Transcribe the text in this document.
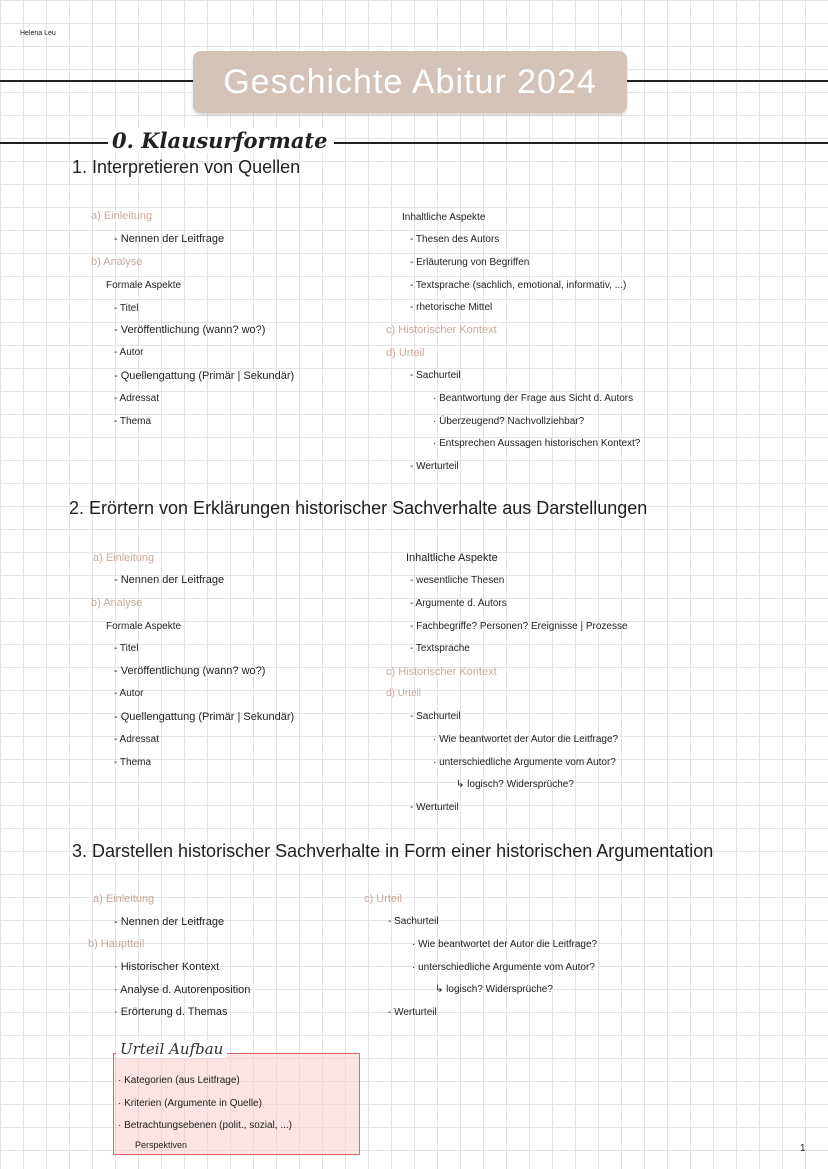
Helena Leu
Geschichte Abitur 2024
0. Klausurformate
1. Interpretieren von Quellen
a) Einleitung
- Nennen der Leitfrage
b) Analyse
Formale Aspekte
- Titel
- Veröffentlichung (wann? wo?)
- Autor
- Quellengattung (Primär | Sekundär)
- Adressat
- Thema
Inhaltliche Aspekte
- Thesen des Autors
- Erläuterung von Begriffen
- Textsprache (sachlich, emotional, informativ, ...)
- rhetorische Mittel
c) Historischer Kontext
d) Urteil
- Sachurteil
· Beantwortung der Frage aus Sicht d. Autors
· Überzeugend? Nachvollziehbar?
· Entsprechen Aussagen historischen Kontext?
- Werturteil
2. Erörtern von Erklärungen historischer Sachverhalte aus Darstellungen
a) Einleitung
- Nennen der Leitfrage
b) Analyse
Formale Aspekte
- Titel
- Veröffentlichung (wann? wo?)
- Autor
- Quellengattung (Primär | Sekundär)
- Adressat
- Thema
Inhaltliche Aspekte
- wesentliche Thesen
- Argumente d. Autors
- Fachbegriffe? Personen? Ereignisse | Prozesse
- Textsprache
c) Historischer Kontext
d) Urteil
- Sachurteil
· Wie beantwortet der Autor die Leitfrage?
· unterschiedliche Argumente vom Autor?
↳ logisch? Widersprüche?
- Werturteil
3. Darstellen historischer Sachverhalte in Form einer historischen Argumentation
a) Einleitung
- Nennen der Leitfrage
b) Hauptteil
· Historischer Kontext
· Analyse d. Autorenposition
· Erörterung d. Themas
c) Urteil
- Sachurteil
· Wie beantwortet der Autor die Leitfrage?
· unterschiedliche Argumente vom Autor?
↳ logisch? Widersprüche?
- Werturteil
Urteil Aufbau
· Kategorien (aus Leitfrage)
· Kriterien (Argumente in Quelle)
· Betrachtungsebenen (polit., sozial, ...)
Perspektiven	1
